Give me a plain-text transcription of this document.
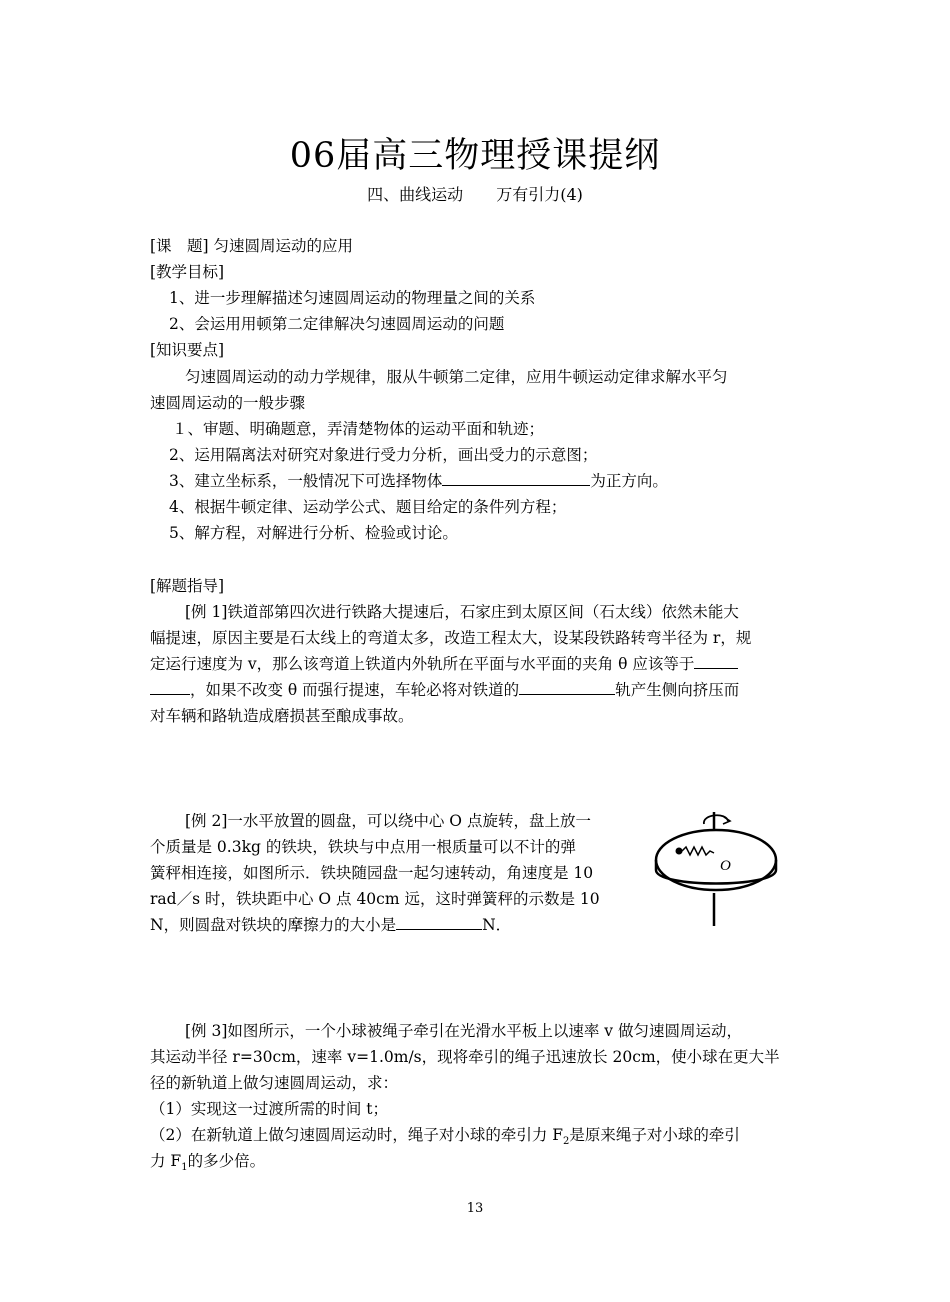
06届高三物理授课提纲
四、曲线运动 万有引力(4)
[课　题] 匀速圆周运动的应用
[教学目标]
1、进一步理解描述匀速圆周运动的物理量之间的关系
2、会运用用顿第二定律解决匀速圆周运动的问题
[知识要点]
匀速圆周运动的动力学规律，服从牛顿第二定律，应用牛顿运动定律求解水平匀
速圆周运动的一般步骤
１、审题、明确题意，弄清楚物体的运动平面和轨迹；
2、运用隔离法对研究对象进行受力分析，画出受力的示意图；
3、建立坐标系，一般情况下可选择物体	为正方向。
4、根据牛顿定律、运动学公式、题目给定的条件列方程；
5、解方程，对解进行分析、检验或讨论。
[解题指导]
[例 1]铁道部第四次进行铁路大提速后，石家庄到太原区间（石太线）依然未能大
幅提速，原因主要是石太线上的弯道太多，改造工程太大，设某段铁路转弯半径为 r，规
定运行速度为 v，那么该弯道上铁道内外轨所在平面与水平面的夹角 θ 应该等于
，如果不改变 θ 而强行提速，车轮必将对铁道的	轨产生侧向挤压而
对车辆和路轨造成磨损甚至酿成事故。
[例 2]一水平放置的圆盘，可以绕中心 O 点旋转，盘上放一
个质量是 0.3kg 的铁块，铁块与中点用一根质量可以不计的弹
簧秤相连接，如图所示．铁块随园盘一起匀速转动，角速度是 10
rad／s 时，铁块距中心 O 点 40cm 远，这时弹簧秤的示数是 10
N，则圆盘对铁块的摩擦力的大小是	N．
O
[例 3]如图所示，一个小球被绳子牵引在光滑水平板上以速率 v 做匀速圆周运动，
其运动半径 r=30cm，速率 v=1.0m/s，现将牵引的绳子迅速放长 20cm，使小球在更大半
径的新轨道上做匀速圆周运动，求：
（1）实现这一过渡所需的时间 t；
（2）在新轨道上做匀速圆周运动时，绳子对小球的牵引力 $F_2$是原来绳子对小球的牵引
力 $F_1$的多少倍。
13
